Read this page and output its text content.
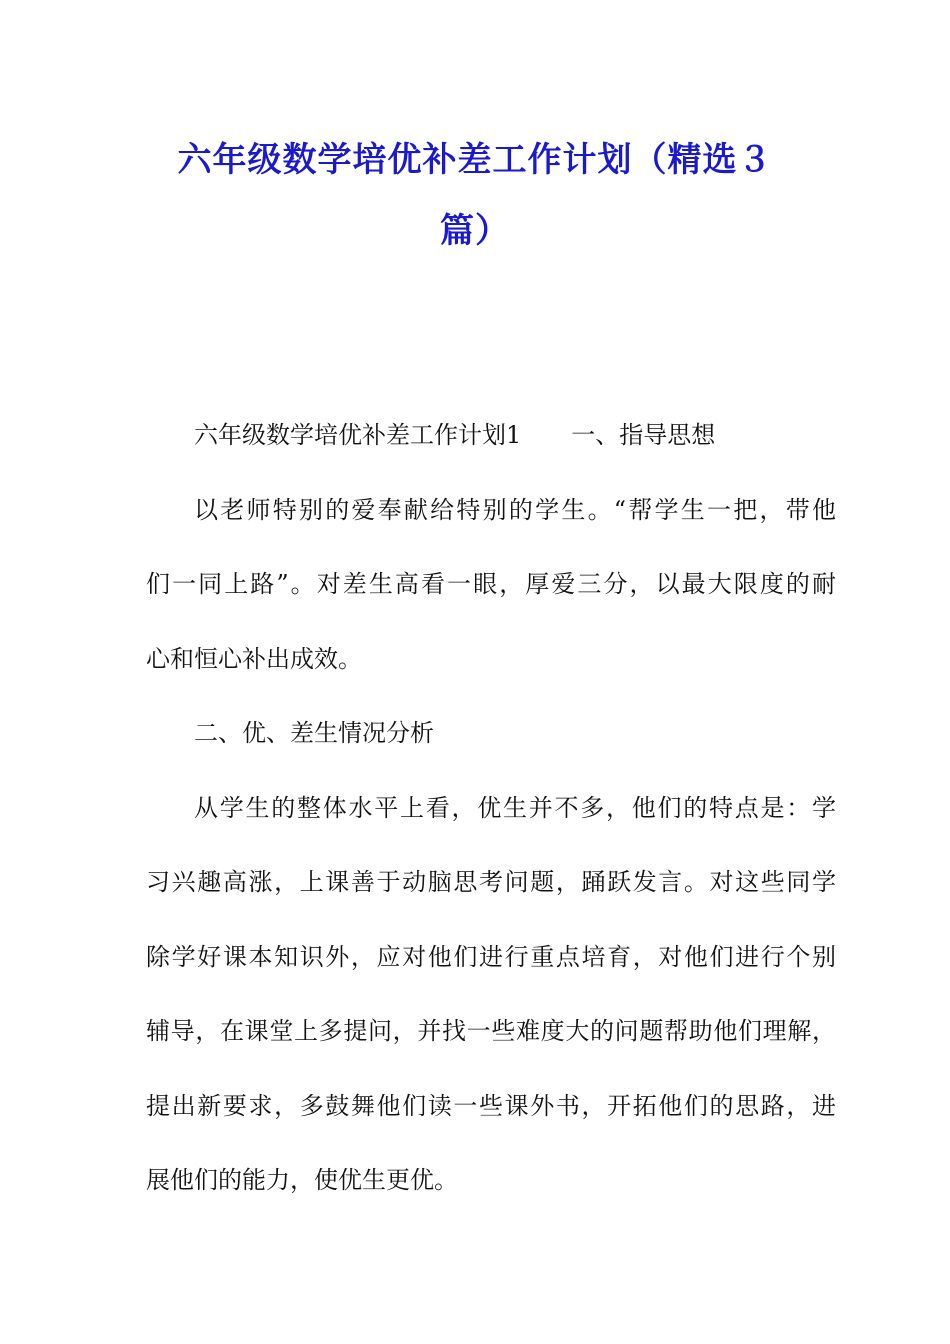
六年级数学培优补差工作计划（精选３
篇）
六年级数学培优补差工作计划1 一、指导思想
以老师特别的爱奉献给特别的学生。“帮学生一把，带他
们一同上路”。对差生高看一眼，厚爱三分，以最大限度的耐
心和恒心补出成效。
二、优、差生情况分析
从学生的整体水平上看，优生并不多，他们的特点是：学
习兴趣高涨，上课善于动脑思考问题，踊跃发言。对这些同学
除学好课本知识外，应对他们进行重点培育，对他们进行个别
辅导，在课堂上多提问，并找一些难度大的问题帮助他们理解，
提出新要求，多鼓舞他们读一些课外书，开拓他们的思路，进
展他们的能力，使优生更优。
